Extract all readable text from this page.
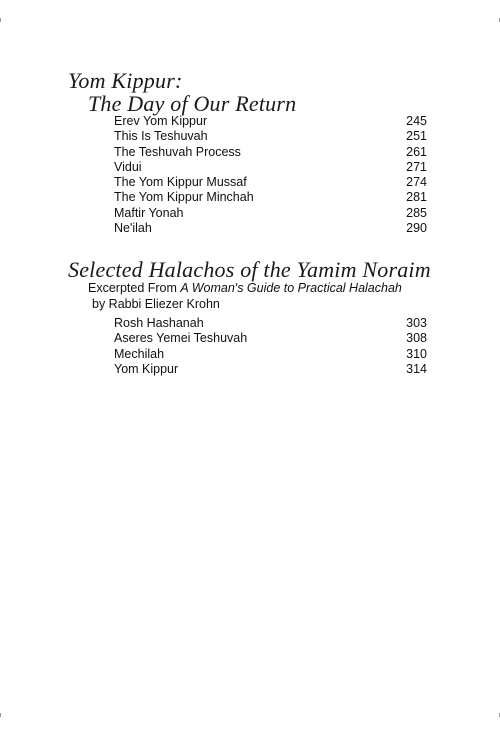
Yom Kippur:
The Day of Our Return
Erev Yom Kippur	245
This Is Teshuvah	251
The Teshuvah Process	261
Vidui	271
The Yom Kippur Mussaf	274
The Yom Kippur Minchah	281
Maftir Yonah	285
Ne'ilah	290
Selected Halachos of the Yamim Noraim
Excerpted From A Woman's Guide to Practical Halachah
by Rabbi Eliezer Krohn
Rosh Hashanah	303
Aseres Yemei Teshuvah	308
Mechilah	310
Yom Kippur	314
